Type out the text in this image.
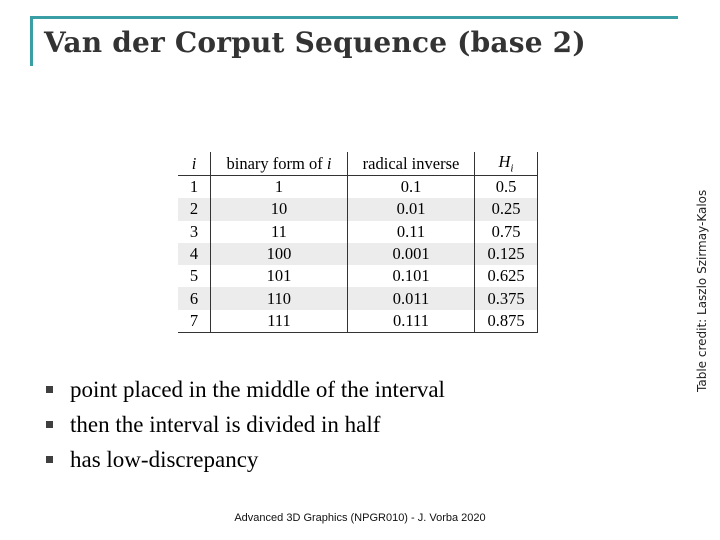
Van der Corput Sequence (base 2)
Table credit: Laszlo Szirmay-Kalos
i	binary form of i	radical inverse	$H_i$
1	1	0.1	0.5
2	10	0.01	0.25
3	11	0.11	0.75
4	100	0.001	0.125
5	101	0.101	0.625
6	110	0.011	0.375
7	111	0.111	0.875
point placed in the middle of the interval
then the interval is divided in half
has low-discrepancy
Advanced 3D Graphics (NPGR010) - J. Vorba 2020
